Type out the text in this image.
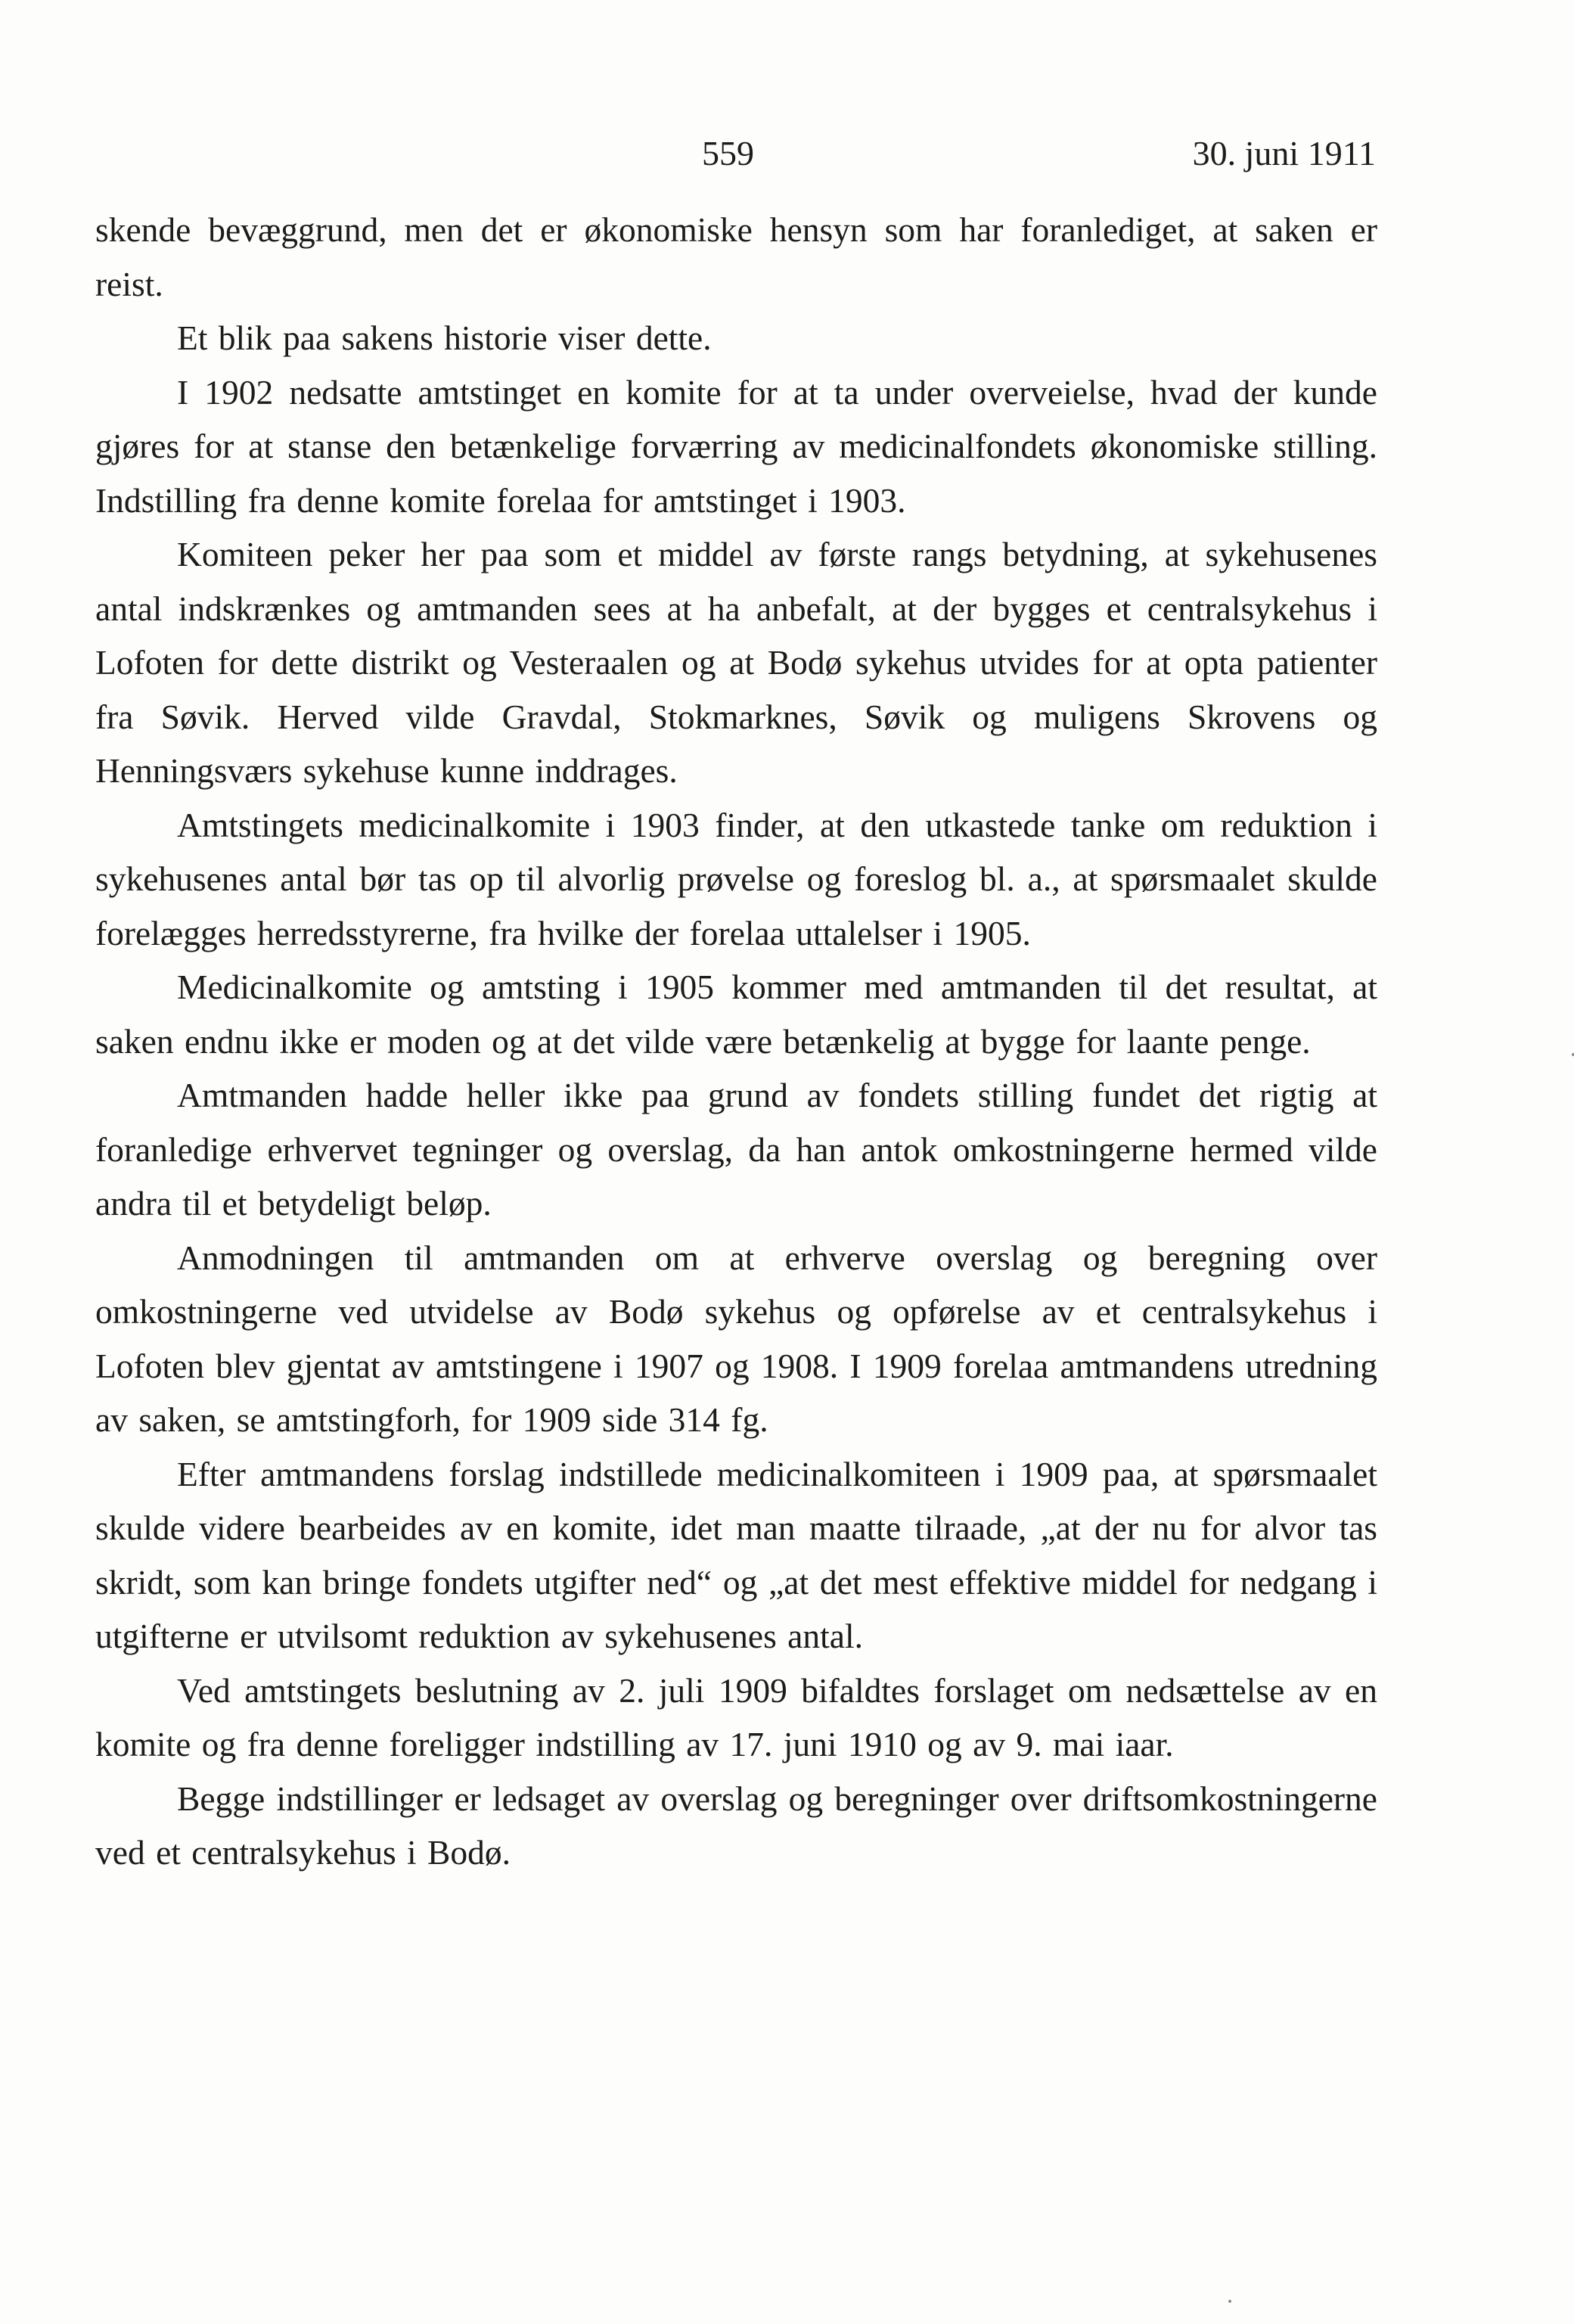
559	30. juni 1911

skende bevæggrund, men det er økonomiske hensyn som har foranlediget, at saken er reist.

Et blik paa sakens historie viser dette.

I 1902 nedsatte amtstinget en komite for at ta under overveielse, hvad der kunde gjøres for at stanse den betænkelige forværring av medicinalfondets økonomiske stilling. Indstilling fra denne komite forelaa for amtstinget i 1903.

Komiteen peker her paa som et middel av første rangs betydning, at sykehusenes antal indskrænkes og amtmanden sees at ha anbefalt, at der bygges et centralsykehus i Lofoten for dette distrikt og Vesteraalen og at Bodø sykehus utvides for at opta patienter fra Søvik. Herved vilde Gravdal, Stokmarknes, Søvik og muligens Skrovens og Henningsværs sykehuse kunne inddrages.

Amtstingets medicinalkomite i 1903 finder, at den utkastede tanke om reduktion i sykehusenes antal bør tas op til alvorlig prøvelse og foreslog bl. a., at spørsmaalet skulde forelægges herredsstyrerne, fra hvilke der forelaa uttalelser i 1905.

Medicinalkomite og amtsting i 1905 kommer med amtmanden til det resultat, at saken endnu ikke er moden og at det vilde være betænkelig at bygge for laante penge.

Amtmanden hadde heller ikke paa grund av fondets stilling fundet det rigtig at foranledige erhvervet tegninger og overslag, da han antok omkostningerne hermed vilde andra til et betydeligt beløp.

Anmodningen til amtmanden om at erhverve overslag og beregning over omkostningerne ved utvidelse av Bodø sykehus og opførelse av et centralsykehus i Lofoten blev gjentat av amtstingene i 1907 og 1908. I 1909 forelaa amtmandens utredning av saken, se amtstingforh, for 1909 side 314 fg.

Efter amtmandens forslag indstillede medicinalkomiteen i 1909 paa, at spørsmaalet skulde videre bearbeides av en komite, idet man maatte tilraade, „at der nu for alvor tas skridt, som kan bringe fondets utgifter ned“ og „at det mest effektive middel for nedgang i utgifterne er utvilsomt reduktion av sykehusenes antal.

Ved amtstingets beslutning av 2. juli 1909 bifaldtes forslaget om nedsættelse av en komite og fra denne foreligger indstilling av 17. juni 1910 og av 9. mai iaar.

Begge indstillinger er ledsaget av overslag og beregninger over driftsomkostningerne ved et centralsykehus i Bodø.
